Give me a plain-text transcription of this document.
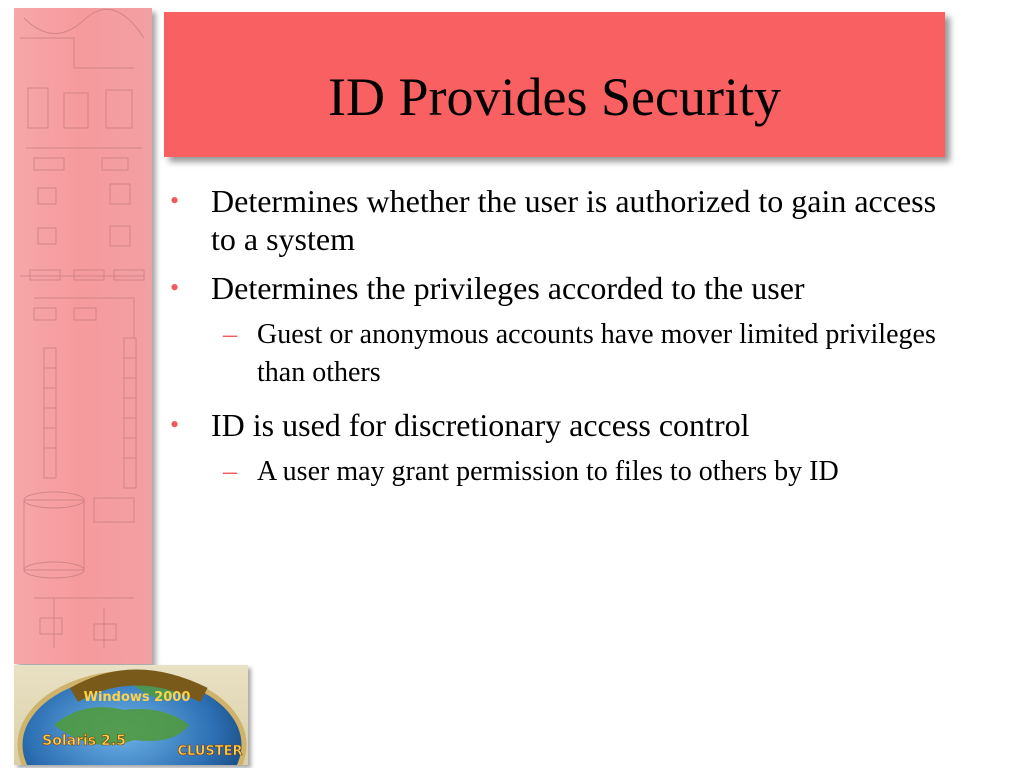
ID Provides Security
• Determines whether the user is authorized to gain access to a system
• Determines the privileges accorded to the user
– Guest or anonymous accounts have mover limited privileges than others
• ID is used for discretionary access control
– A user may grant permission to files to others by ID
Windows 2000
Solaris 2.5
CLUSTER
